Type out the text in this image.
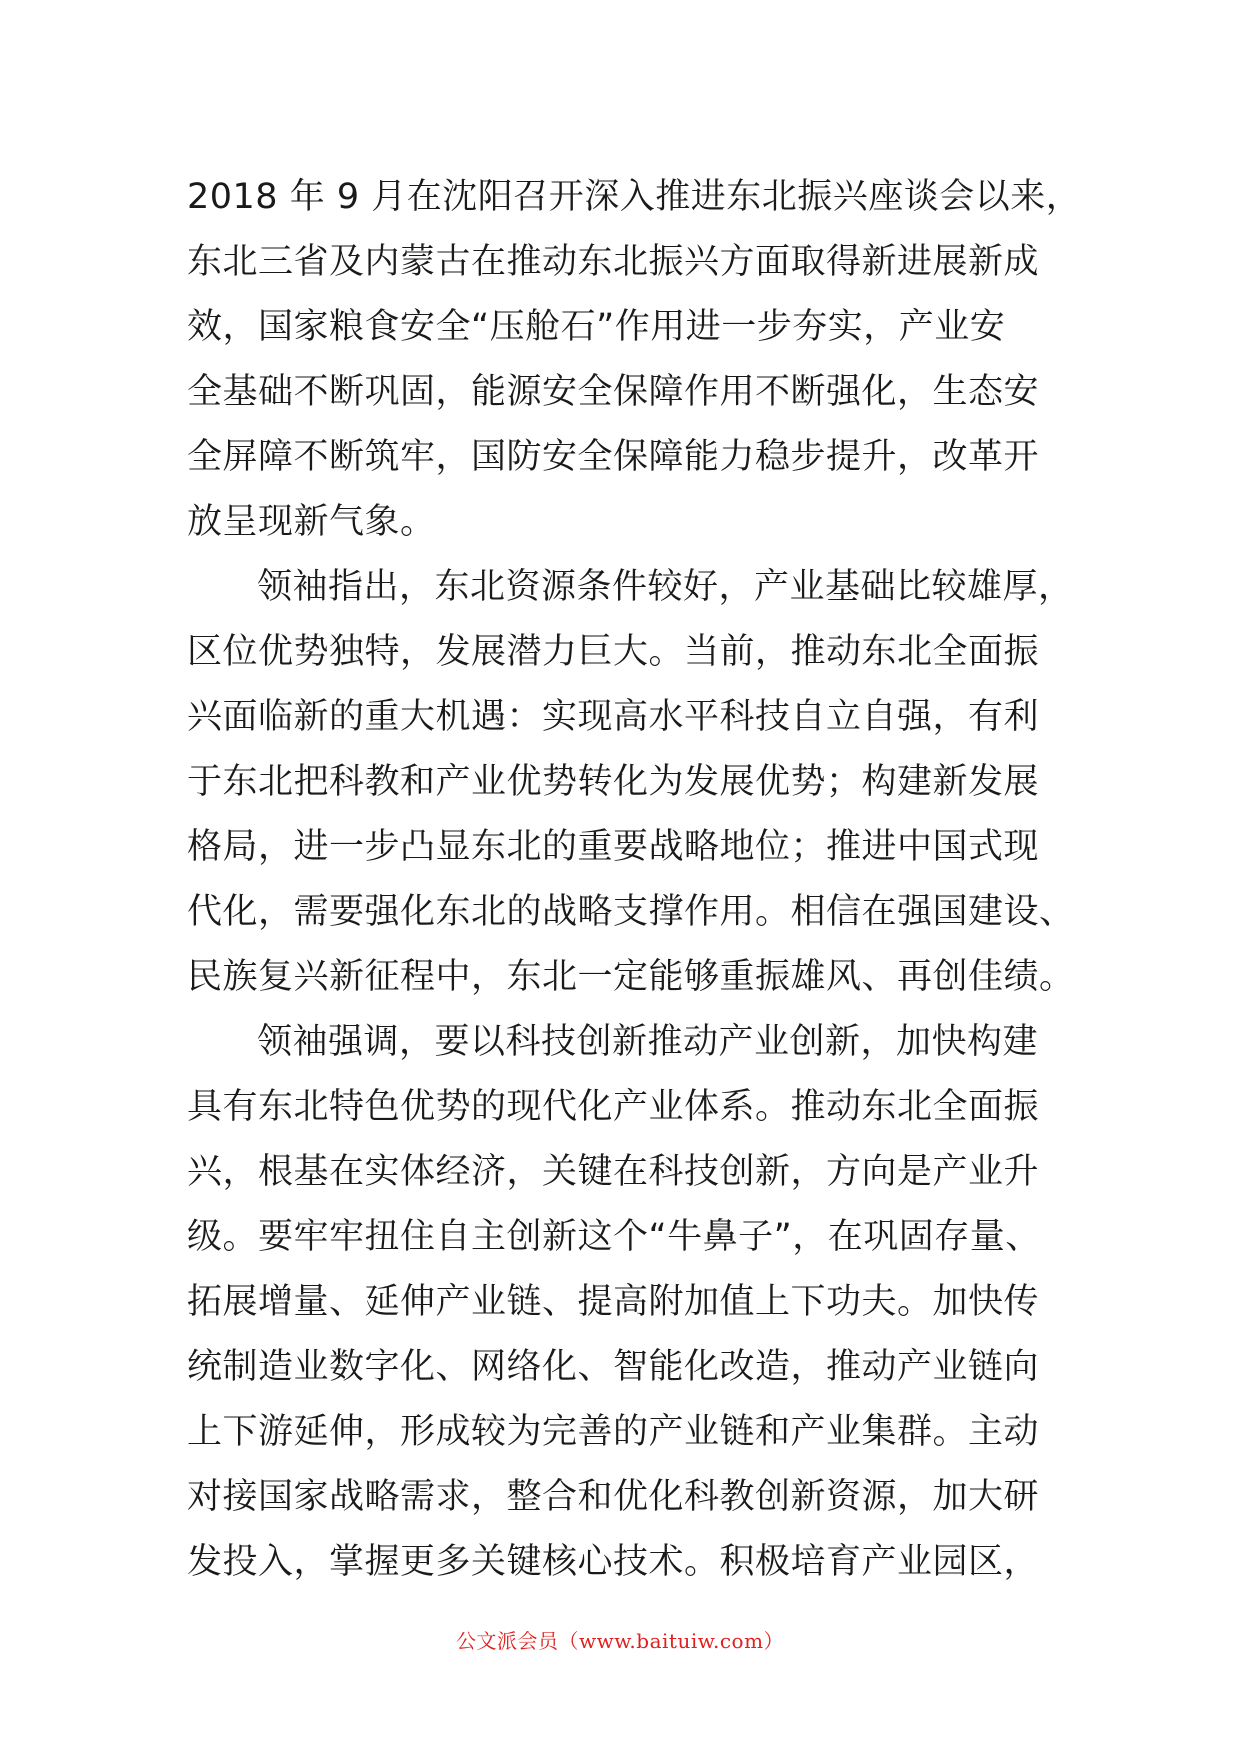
2018 年 9 月在沈阳召开深入推进东北振兴座谈会以来，
东北三省及内蒙古在推动东北振兴方面取得新进展新成
效，国家粮食安全“压舱石”作用进一步夯实，产业安
全基础不断巩固，能源安全保障作用不断强化，生态安
全屏障不断筑牢，国防安全保障能力稳步提升，改革开
放呈现新气象。
领袖指出，东北资源条件较好，产业基础比较雄厚，
区位优势独特，发展潜力巨大。当前，推动东北全面振
兴面临新的重大机遇：实现高水平科技自立自强，有利
于东北把科教和产业优势转化为发展优势；构建新发展
格局，进一步凸显东北的重要战略地位；推进中国式现
代化，需要强化东北的战略支撑作用。相信在强国建设、
民族复兴新征程中，东北一定能够重振雄风、再创佳绩。
领袖强调，要以科技创新推动产业创新，加快构建
具有东北特色优势的现代化产业体系。推动东北全面振
兴，根基在实体经济，关键在科技创新，方向是产业升
级。要牢牢扭住自主创新这个“牛鼻子”，在巩固存量、
拓展增量、延伸产业链、提高附加值上下功夫。加快传
统制造业数字化、网络化、智能化改造，推动产业链向
上下游延伸，形成较为完善的产业链和产业集群。主动
对接国家战略需求，整合和优化科教创新资源，加大研
发投入，掌握更多关键核心技术。积极培育产业园区，
公文派会员（www.baituiw.com）
